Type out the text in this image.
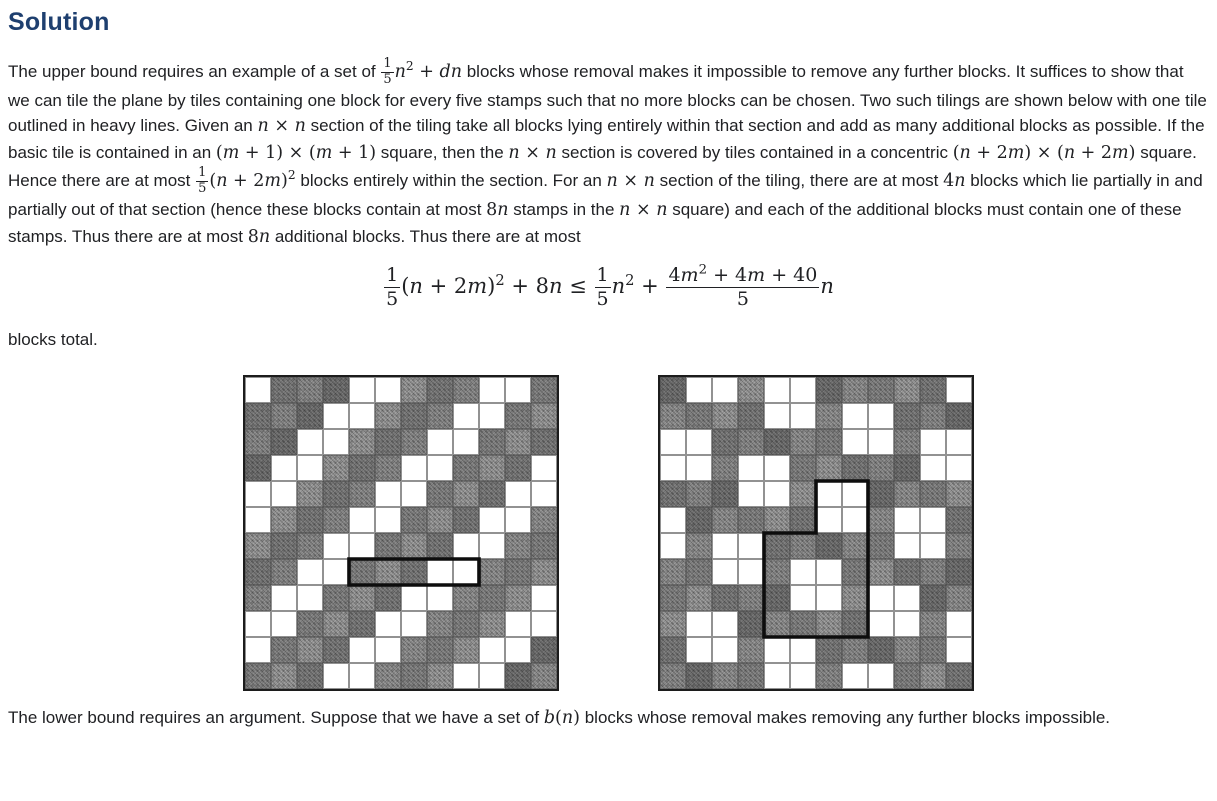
Solution

The upper bound requires an example of a set of $\frac{1}{5} n^2$ + dn blocks whose removal makes it impossible to remove any further blocks. It suffices to show that we can tile the plane by tiles containing one block for every five stamps such that no more blocks can be chosen. Two such tilings are shown below with one tile outlined in heavy lines. Given an n × n section of the tiling take all blocks lying entirely within that section and add as many additional blocks as possible. If the basic tile is contained in an (m + 1) × (m + 1) square, then the n × n section is covered by tiles contained in a concentric (n + 2m) × (n + 2m) square. Hence there are at most $\frac{1}{5} (n + 2m)^2$ blocks entirely within the section. For an n × n section of the tiling, there are at most 4n blocks which lie partially in and partially out of that section (hence these blocks contain at most 8n stamps in the n × n square) and each of the additional blocks must contain one of these stamps. Thus there are at most 8n additional blocks. Thus there are at most

$\frac{1}{5} (n + 2m)^2 + 8n \le \frac{1}{5} n^2 + \frac{4m^2 + 4m + 40}{5}$ n

blocks total.

The lower bound requires an argument. Suppose that we have a set of b(n) blocks whose removal makes removing any further blocks impossible.
